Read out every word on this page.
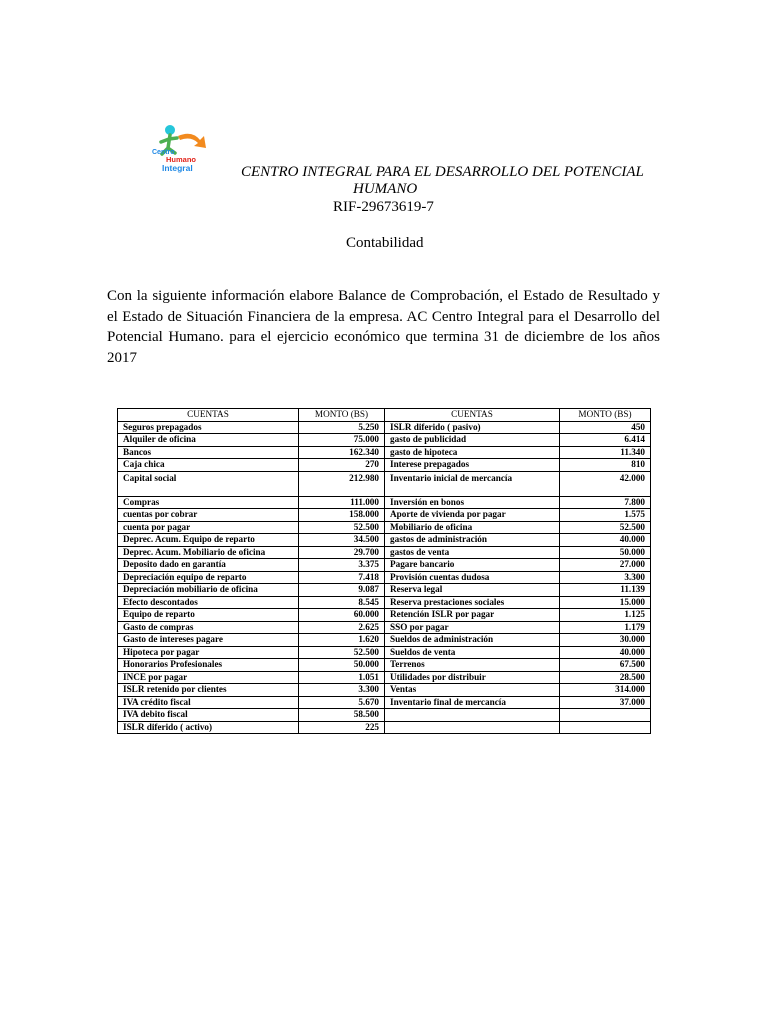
Centro
Humano
Integral	CENTRO INTEGRAL PARA EL DESARROLLO DEL POTENCIAL
HUMANO
RIF-29673619-7
Contabilidad

Con la siguiente información elabore Balance de Comprobación, el Estado de Resultado y el Estado de Situación Financiera de la empresa. AC Centro Integral para el Desarrollo del Potencial Humano. para el ejercicio económico que termina 31 de diciembre de los años 2017

CUENTAS	MONTO (BS)	CUENTAS	MONTO (BS)
Seguros prepagados	5.250	ISLR diferido ( pasivo)	450
Alquiler de oficina	75.000	gasto de publicidad	6.414
Bancos	162.340	gasto de hipoteca	11.340
Caja chica	270	Interese prepagados	810
Capital social	212.980	Inventario inicial de mercancía	42.000
Compras	111.000	Inversión en bonos	7.800
cuentas por cobrar	158.000	Aporte de vivienda por pagar	1.575
cuenta por pagar	52.500	Mobiliario de oficina	52.500
Deprec. Acum. Equipo de reparto	34.500	gastos de administración	40.000
Deprec. Acum. Mobiliario de oficina	29.700	gastos de venta	50.000
Deposito dado en garantía	3.375	Pagare bancario	27.000
Depreciación equipo de reparto	7.418	Provisión cuentas dudosa	3.300
Depreciación mobiliario de oficina	9.087	Reserva legal	11.139
Efecto descontados	8.545	Reserva prestaciones sociales	15.000
Equipo de reparto	60.000	Retención ISLR por pagar	1.125
Gasto de compras	2.625	SSO por pagar	1.179
Gasto de intereses pagare	1.620	Sueldos de administración	30.000
Hipoteca por pagar	52.500	Sueldos de venta	40.000
Honorarios Profesionales	50.000	Terrenos	67.500
INCE por pagar	1.051	Utilidades por distribuir	28.500
ISLR retenido por clientes	3.300	Ventas	314.000
IVA crédito fiscal	5.670	Inventario final de mercancía	37.000
IVA debito fiscal	58.500		
ISLR diferido ( activo)	225		
